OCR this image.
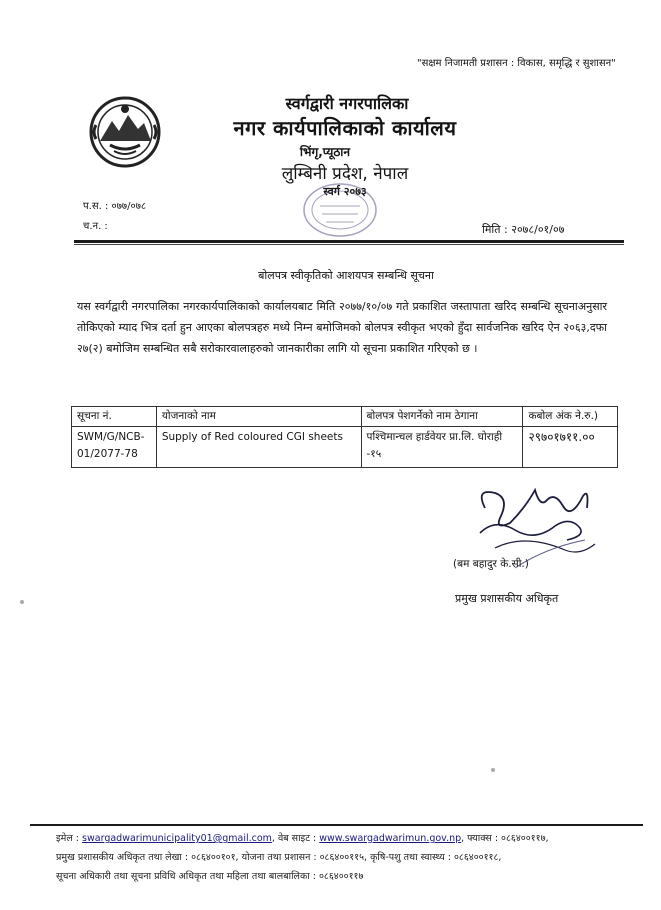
"सक्षम निजामती प्रशासन : विकास, समृद्धि र सुशासन"
स्वर्गद्वारी नगरपालिका
नगर कार्यपालिकाको कार्यालय
भिंगृ,प्यूठान
लुम्बिनी प्रदेश, नेपाल
स्वर्ग २०७३
प.स. : ०७७/०७८
च.न. :	मिति : २०७८/०१/०७
बोलपत्र स्वीकृतिको आशयपत्र सम्बन्धि सूचना
यस स्वर्गद्वारी नगरपालिका नगरकार्यपालिकाको कार्यालयबाट मिति २०७७/१०/०७ गते प्रकाशित जस्तापाता खरिद सम्बन्धि सूचनाअनुसार तोकिएको म्याद भित्र दर्ता हुन आएका बोलपत्रहरु मध्ये निम्न बमोजिमको बोलपत्र स्वीकृत भएको हुँदा सार्वजनिक खरिद ऐन २०६३,दफा २७(२) बमोजिम सम्बन्धित सबै सरोकारवालाहरुको जानकारीका लागि यो सूचना प्रकाशित गरिएको छ ।
सूचना नं.	योजनाको नाम	बोलपत्र पेशगर्नेको नाम ठेगाना	कबोल अंक ने.रु.)
SWM/G/NCB-01/2077-78	Supply of Red coloured CGI sheets	पश्चिमान्चल हार्डवेयर प्रा.लि. घोराही -१५	२९७०१७११.००
(बम बहादुर के.सी.)
प्रमुख प्रशासकीय अधिकृत
इमेल : swargadwarimunicipality01@gmail.com, वेब साइट : www.swargadwarimun.gov.np, फ्याक्स : ०८६४००११७,
प्रमुख प्रशासकीय अधिकृत तथा लेखा : ०८६४००१०१, योजना तथा प्रशासन : ०८६४००११५, कृषि-पशु तथा स्वास्थ्य : ०८६४००११८,
सूचना अधिकारी तथा सूचना प्रविधि अधिकृत तथा महिला तथा बालबालिका : ०८६४००११७
